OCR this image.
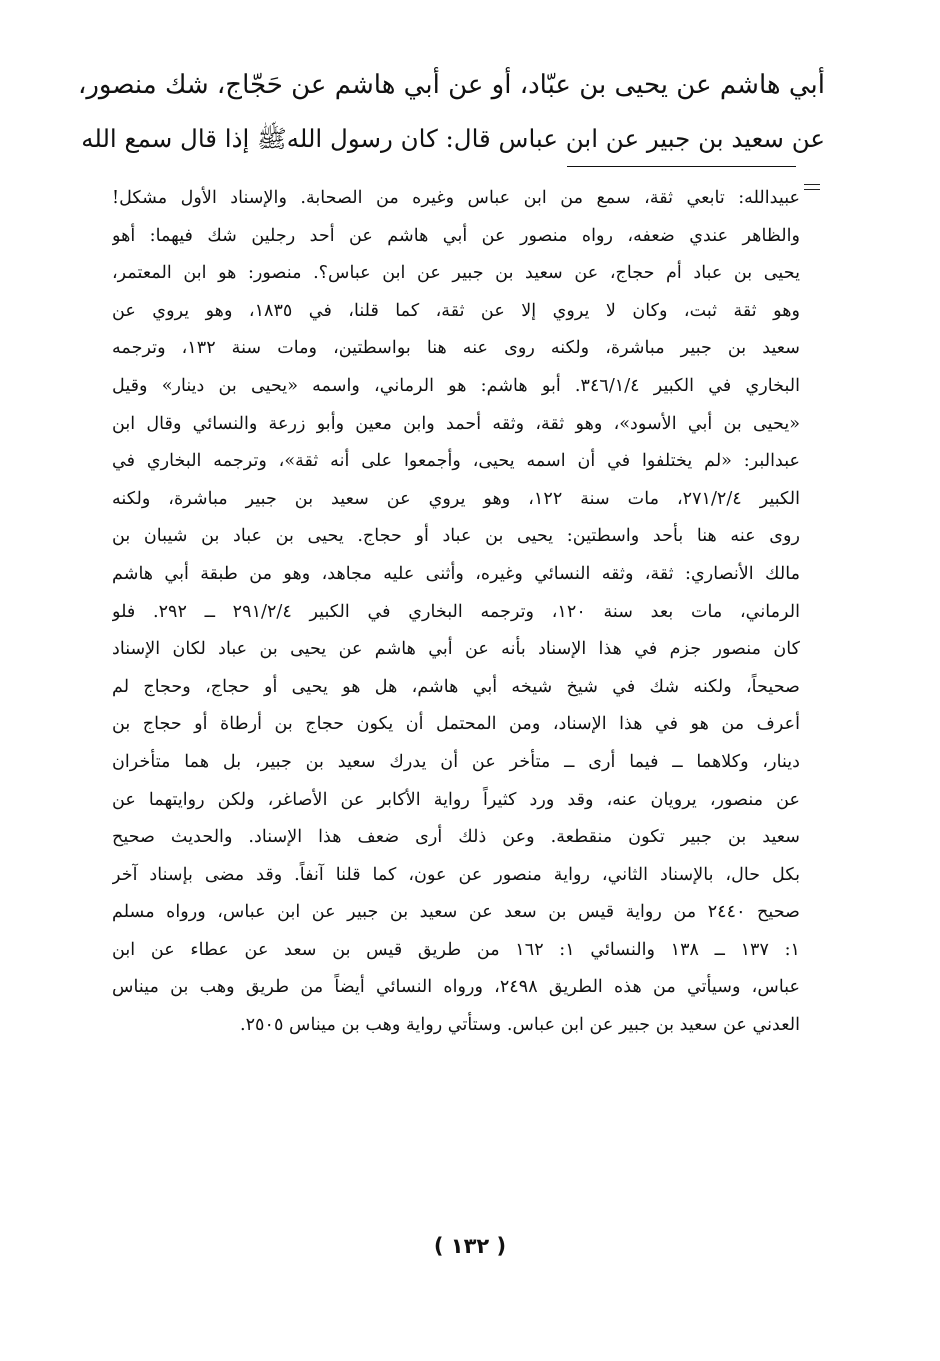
أبي هاشم عن يحيى بن عبّاد، أو عن أبي هاشم عن حَجّاج، شك منصور،

عن سعيد بن جبير عن ابن عباس قال: كان رسول اللهﷺ إذا قال سمع الله

عبيدالله: تابعي ثقة، سمع من ابن عباس وغيره من الصحابة. والإسناد الأول مشكل!

والظاهر عندي ضعفه، رواه منصور عن أبي هاشم عن أحد رجلين شك فيهما: أهو

يحيى بن عباد أم حجاج، عن سعيد بن جبير عن ابن عباس؟. منصور: هو ابن المعتمر،

وهو ثقة ثبت، وكان لا يروي إلا عن ثقة، كما قلنا، في ١٨٣٥، وهو يروي عن

سعيد بن جبير مباشرة، ولكنه روى عنه هنا بواسطتين، ومات سنة ١٣٢، وترجمه

البخاري في الكبير ٣٤٦/١/٤. أبو هاشم: هو الرماني، واسمه «يحيى بن دينار» وقيل

«يحيى بن أبي الأسود»، وهو ثقة، وثقه أحمد وابن معين وأبو زرعة والنسائي وقال ابن

عبدالبر: «لم يختلفوا في أن اسمه يحيى، وأجمعوا على أنه ثقة»، وترجمه البخاري في

الكبير ٢٧١/٢/٤، مات سنة ١٢٢، وهو يروي عن سعيد بن جبير مباشرة، ولكنه

روى عنه هنا بأحد واسطتين: يحيى بن عباد أو حجاج. يحيى بن عباد بن شيبان بن

مالك الأنصاري: ثقة، وثقه النسائي وغيره، وأثنى عليه مجاهد، وهو من طبقة أبي هاشم

الرماني، مات بعد سنة ١٢٠، وترجمه البخاري في الكبير ٢٩١/٢/٤ ــ ٢٩٢. فلو

كان منصور جزم في هذا الإسناد بأنه عن أبي هاشم عن يحيى بن عباد لكان الإسناد

صحيحاً، ولكنه شك في شيخ شيخه أبي هاشم، هل هو يحيى أو حجاج، وحجاج لم

أعرف من هو في هذا الإسناد، ومن المحتمل أن يكون حجاج بن أرطاة أو حجاج بن

دينار، وكلاهما ــ فيما أرى ــ متأخر عن أن يدرك سعيد بن جبير، بل هما متأخران

عن منصور، يرويان عنه، وقد ورد كثيراً رواية الأكابر عن الأصاغر، ولكن روايتهما عن

سعيد بن جبير تكون منقطعة. وعن ذلك أرى ضعف هذا الإسناد. والحديث صحيح

بكل حال، بالإسناد الثاني، رواية منصور عن عون، كما قلنا آنفاً. وقد مضى بإسناد آخر

صحيح ٢٤٤٠ من رواية قيس بن سعد عن سعيد بن جبير عن ابن عباس، ورواه مسلم

١: ١٣٧ ــ ١٣٨ والنسائي ١: ١٦٢ من طريق قيس بن سعد عن عطاء عن ابن

عباس، وسيأتي من هذه الطريق ٢٤٩٨، ورواه النسائي أيضاً من طريق وهب بن ميناس

العدني عن سعيد بن جبير عن ابن عباس. وستأتي رواية وهب بن ميناس ٢٥٠٥.

( ١٣٢ )
